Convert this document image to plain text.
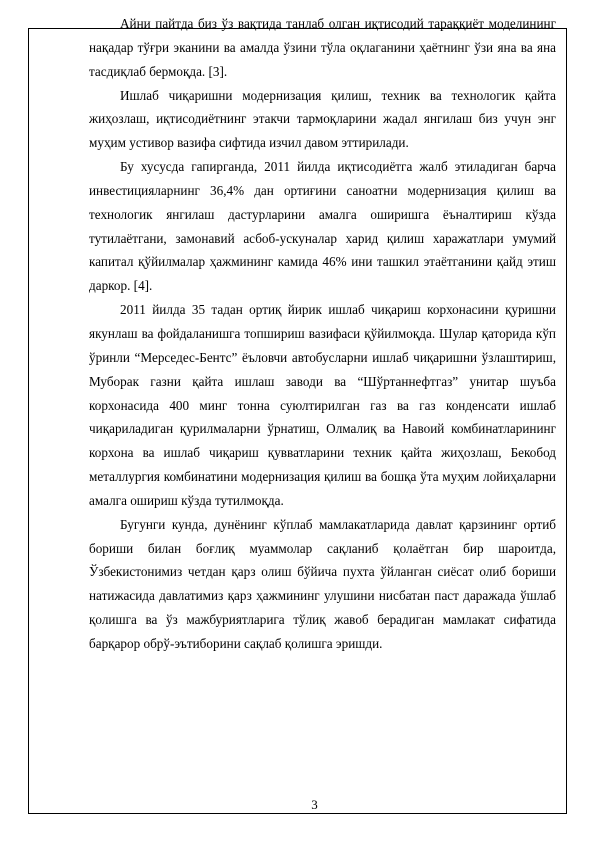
Айни пайтда биз ўз вақтида танлаб олган иқтисодий тараққиёт моделининг нақадар тўғри эканини ва амалда ўзини тўла оқлаганини ҳаётнинг ўзи яна ва яна тасдиқлаб бермоқда. [3].

Ишлаб чиқаришни модернизация қилиш, техник ва технологик қайта жиҳозлаш, иқтисодиётнинг этакчи тармоқларини жадал янгилаш биз учун энг муҳим устивор вазифа сифтида изчил давом эттирилади.

Бу хусусда гапирганда, 2011 йилда иқтисодиётга жалб этиладиган барча инвестицияларнинг 36,4% дан ортиғини саноатни модернизация қилиш ва технологик янгилаш дастурларини амалга оширишга ёъналтириш кўзда тутилаётгани, замонавий асбоб-ускуналар харид қилиш харажатлари умумий капитал қўйилмалар ҳажмининг камида 46% ини ташкил этаётганини қайд этиш даркор. [4].

2011 йилда 35 тадан ортиқ йирик ишлаб чиқариш корхонасини қуришни якунлаш ва фойдаланишга топшириш вазифаси қўйилмоқда. Шулар қаторида кўп ўринли “Мерседес-Бентс” ёъловчи автобусларни ишлаб чиқаришни ўзлаштириш, Муборак газни қайта ишлаш заводи ва “Шўртаннефтгаз” унитар шуъба корхонасида 400 минг тонна суюлтирилган газ ва газ конденсати ишлаб чиқариладиган қурилмаларни ўрнатиш, Олмалиқ ва Навоий комбинатларининг корхона ва ишлаб чиқариш қувватларини техник қайта жиҳозлаш, Бекобод металлургия комбинатини модернизация қилиш ва бошқа ўта муҳим лойиҳаларни амалга ошириш кўзда тутилмоқда.

Бугунги кунда, дунёнинг кўплаб мамлакатларида давлат қарзининг ортиб бориши билан боғлиқ муаммолар сақланиб қолаётган бир шароитда, Ўзбекистонимиз четдан қарз олиш бўйича пухта ўйланган сиёсат олиб бориши натижасида давлатимиз қарз ҳажмининг улушини нисбатан паст даражада ўшлаб қолишга ва ўз мажбуриятларига тўлиқ жавоб берадиган мамлакат сифатида барқарор обрў-эътиборини сақлаб қолишга эришди.

3
